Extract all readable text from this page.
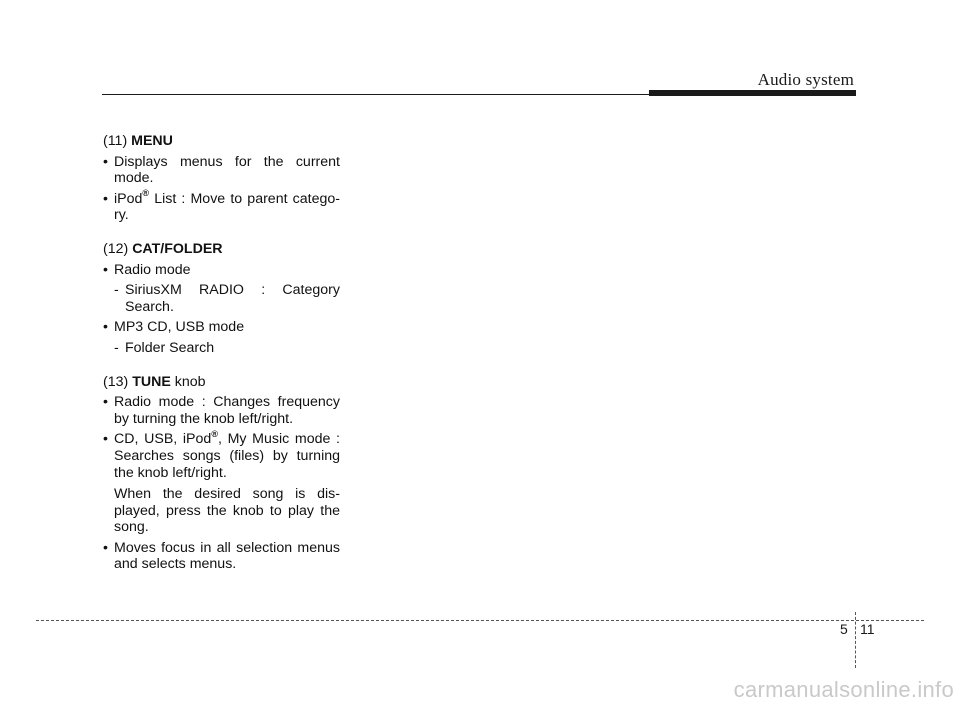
Audio system
(11) MENU
• Displays menus for the current mode.
• iPod® List : Move to parent catego-ry.
(12) CAT/FOLDER
• Radio mode
- SiriusXM RADIO : Category Search.
• MP3 CD, USB mode
- Folder Search
(13) TUNE knob
• Radio mode : Changes frequency by turning the knob left/right.
• CD, USB, iPod®, My Music mode : Searches songs (files) by turning the knob left/right.
When the desired song is dis-played, press the knob to play the song.
• Moves focus in all selection menus and selects menus.
5 11
carmanualsonline.info
